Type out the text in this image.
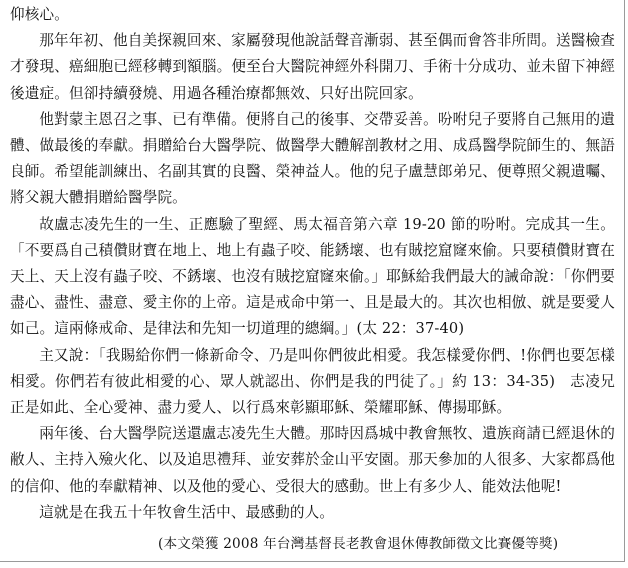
仰核心。

那年年初、他自美探親回來、家屬發現他說話聲音漸弱、甚至偶而會答非所問。送醫檢查才發現、癌細胞已經移轉到額腦。便至台大醫院神經外科開刀、手術十分成功、並未留下神經後遺症。但卻持續發燒、用過各種治療都無效、只好出院回家。

他對蒙主恩召之事、已有準備。便將自己的後事、交帶妥善。吩咐兒子要將自己無用的遺體、做最後的奉獻。捐贈給台大醫學院、做醫學大體解剖教材之用、成爲醫學院師生的、無語良師。希望能訓練出、名副其實的良醫、榮神益人。他的兒子盧慧郎弟兄、便尊照父親遺囑、將父親大體捐贈給醫學院。

故盧志凌先生的一生、正應驗了聖經、馬太福音第六章 19-20 節的吩咐。完成其一生。「不要爲自己積儹財寶在地上、地上有蟲子咬、能銹壞、也有賊挖窟窿來偷。只要積儹財寶在天上、天上沒有蟲子咬、不銹壞、也沒有賊挖窟窿來偷。」耶穌給我們最大的誡命說：「你們要盡心、盡性、盡意、愛主你的上帝。這是戒命中第一、且是最大的。其次也相倣、就是要愛人如己。這兩條戒命、是律法和先知一切道理的總綱。」(太 22：37-40)

主又說：「我賜給你們一條新命令、乃是叫你們彼此相愛。我怎樣愛你們、!你們也要怎樣相愛。你們若有彼此相愛的心、眾人就認出、你們是我的門徒了。」約 13：34-35)　志凌兄正是如此、全心愛神、盡力愛人、以行爲來彰顯耶穌、榮耀耶穌、傳揚耶穌。

兩年後、台大醫學院送還盧志凌先生大體。那時因爲城中教會無牧、遺族商請已經退休的敝人、主持入殮火化、以及追思禮拜、並安葬於金山平安園。那天參加的人很多、大家都爲他的信仰、他的奉獻精神、以及他的愛心、受很大的感動。世上有多少人、能效法他呢!

這就是在我五十年牧會生活中、最感動的人。

(本文榮獲 2008 年台灣基督長老教會退休傳教師徵文比賽優等獎)
